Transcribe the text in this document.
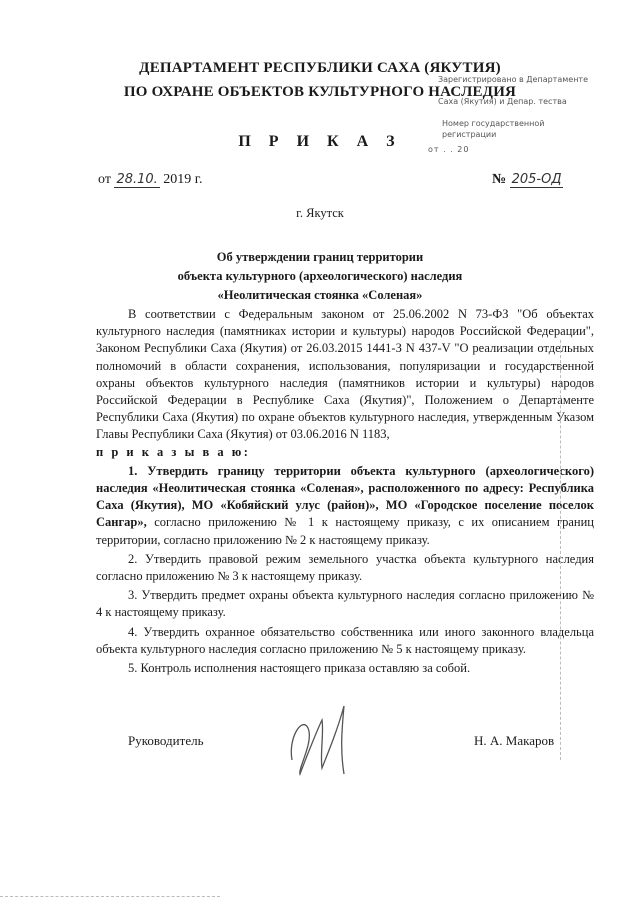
Зарегистрировано в Департаменте
Саха (Якутия) и Депар. тества
Номер государственной регистрации
от . . 20
ДЕПАРТАМЕНТ РЕСПУБЛИКИ САХА (ЯКУТИЯ)
ПО ОХРАНЕ ОБЪЕКТОВ КУЛЬТУРНОГО НАСЛЕДИЯ
П Р И К А З
от 28.10. 2019 г.	№ 205-ОД
г. Якутск
Об утверждении границ территории
объекта культурного (археологического) наследия
«Неолитическая стоянка «Соленая»

В соответствии с Федеральным законом от 25.06.2002 N 73-ФЗ "Об объектах культурного наследия (памятниках истории и культуры) народов Российской Федерации", Законом Республики Саха (Якутия) от 26.03.2015 1441-З N 437-V "О реализации отдельных полномочий в области сохранения, использования, популяризации и государственной охраны объектов культурного наследия (памятников истории и культуры) народов Российской Федерации в Республике Саха (Якутия)", Положением о Департаменте Республики Саха (Якутия) по охране объектов культурного наследия, утвержденным Указом Главы Республики Саха (Якутия) от 03.06.2016 N 1183,

п р и к а з ы в а ю:

1. Утвердить границу территории объекта культурного (археологического) наследия «Неолитическая стоянка «Соленая», расположенного по адресу: Республика Саха (Якутия), МО «Кобяйский улус (район)», МО «Городское поселение поселок Сангар», согласно приложению № 1 к настоящему приказу, с их описанием границ территории, согласно приложению № 2 к настоящему приказу.

2. Утвердить правовой режим земельного участка объекта культурного наследия согласно приложению № 3 к настоящему приказу.

3. Утвердить предмет охраны объекта культурного наследия согласно приложению № 4 к настоящему приказу.

4. Утвердить охранное обязательство собственника или иного законного владельца объекта культурного наследия согласно приложению № 5 к настоящему приказу.

5. Контроль исполнения настоящего приказа оставляю за собой.

Руководитель	Н. А. Макаров
